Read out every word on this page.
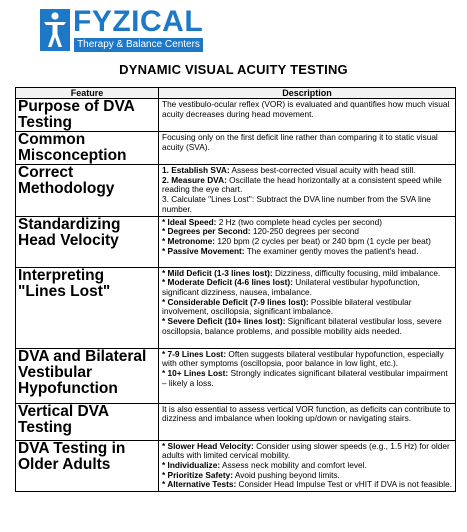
FYZICAL
Therapy & Balance Centers
DYNAMIC VISUAL ACUITY TESTING
Feature	Description
Purpose of DVA Testing	The vestibulo-ocular reflex (VOR) is evaluated and quantifies how much visual acuity decreases during head movement.

Common Misconception	Focusing only on the first deficit line rather than comparing it to static visual acuity (SVA).

Correct Methodology	1. Establish SVA: Assess best-corrected visual acuity with head still.
2. Measure DVA: Oscillate the head horizontally at a consistent speed while reading the eye chart.
3. Calculate "Lines Lost": Subtract the DVA line number from the SVA line number.

Standardizing Head Velocity	* Ideal Speed: 2 Hz (two complete head cycles per second)
* Degrees per Second: 120-250 degrees per second
* Metronome: 120 bpm (2 cycles per beat) or 240 bpm (1 cycle per beat)
* Passive Movement: The examiner gently moves the patient's head.

Interpreting "Lines Lost"	* Mild Deficit (1-3 lines lost): Dizziness, difficulty focusing, mild imbalance.
* Moderate Deficit (4-6 lines lost): Unilateral vestibular hypofunction, significant dizziness, nausea, imbalance.
* Considerable Deficit (7-9 lines lost): Possible bilateral vestibular involvement, oscillopsia, significant imbalance.
* Severe Deficit (10+ lines lost): Significant bilateral vestibular loss, severe oscillopsia, balance problems, and possible mobility aids needed.

DVA and Bilateral Vestibular Hypofunction	* 7-9 Lines Lost: Often suggests bilateral vestibular hypofunction, especially with other symptoms (oscillopsia, poor balance in low light, etc.).
* 10+ Lines Lost: Strongly indicates significant bilateral vestibular impairment – likely a loss.

Vertical DVA Testing	It is also essential to assess vertical VOR function, as deficits can contribute to dizziness and imbalance when looking up/down or navigating stairs.

DVA Testing in Older Adults	* Slower Head Velocity: Consider using slower speeds (e.g., 1.5 Hz) for older adults with limited cervical mobility.
* Individualize: Assess neck mobility and comfort level.
* Prioritize Safety: Avoid pushing beyond limits.
* Alternative Tests: Consider Head Impulse Test or vHIT if DVA is not feasible.
